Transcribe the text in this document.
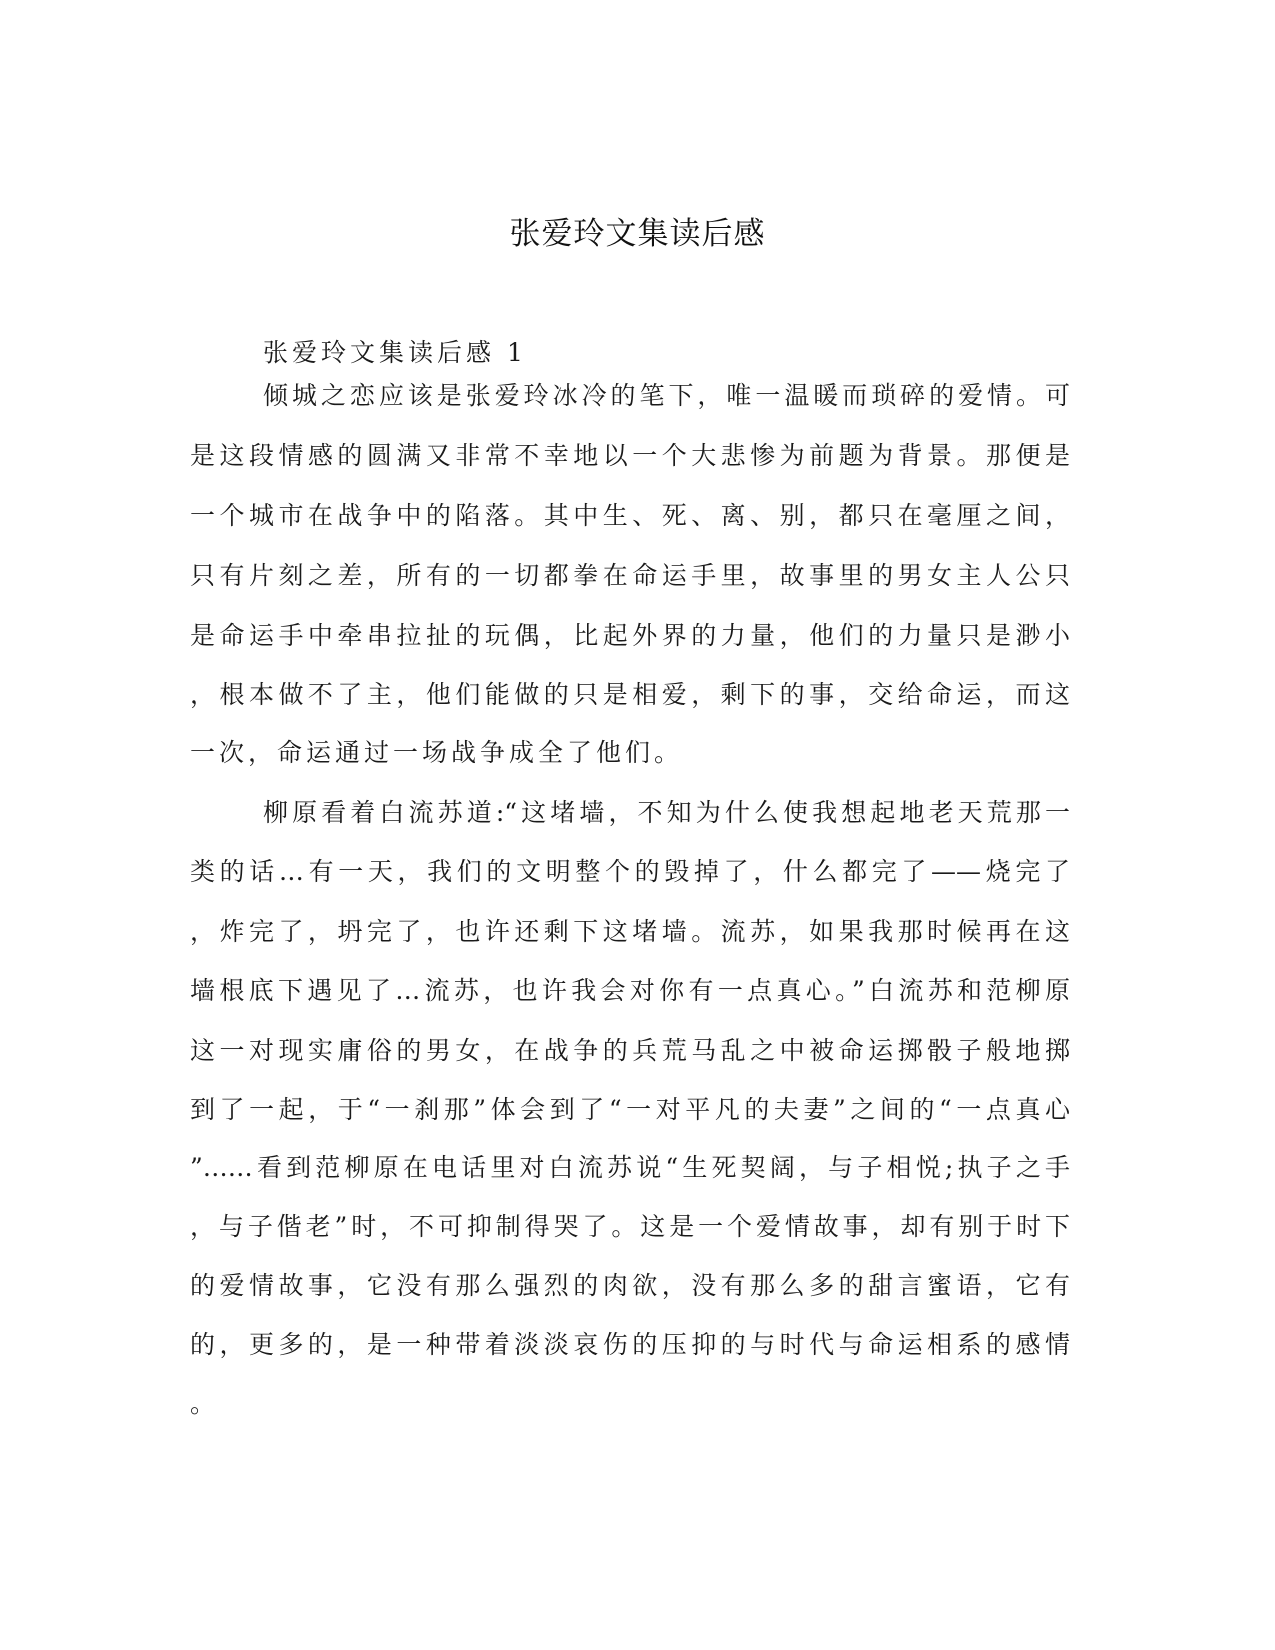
张爱玲文集读后感
张爱玲文集读后感 1
倾城之恋应该是张爱玲冰冷的笔下，唯一温暖而琐碎的爱情。可
是这段情感的圆满又非常不幸地以一个大悲惨为前题为背景。那便是
一个城市在战争中的陷落。其中生、死、离、别，都只在毫厘之间，
只有片刻之差，所有的一切都拳在命运手里，故事里的男女主人公只
是命运手中牵串拉扯的玩偶，比起外界的力量，他们的力量只是渺小
，根本做不了主，他们能做的只是相爱，剩下的事，交给命运，而这
一次，命运通过一场战争成全了他们。
柳原看着白流苏道:“这堵墙，不知为什么使我想起地老天荒那一
类的话…有一天，我们的文明整个的毁掉了，什么都完了——烧完了
，炸完了，坍完了，也许还剩下这堵墙。流苏，如果我那时候再在这
墙根底下遇见了…流苏，也许我会对你有一点真心。”白流苏和范柳原
这一对现实庸俗的男女，在战争的兵荒马乱之中被命运掷骰子般地掷
到了一起，于“一刹那”体会到了“一对平凡的夫妻”之间的“一点真心
”……看到范柳原在电话里对白流苏说“生死契阔，与子相悦;执子之手
，与子偕老”时，不可抑制得哭了。这是一个爱情故事，却有别于时下
的爱情故事，它没有那么强烈的肉欲，没有那么多的甜言蜜语，它有
的，更多的，是一种带着淡淡哀伤的压抑的与时代与命运相系的感情
。
